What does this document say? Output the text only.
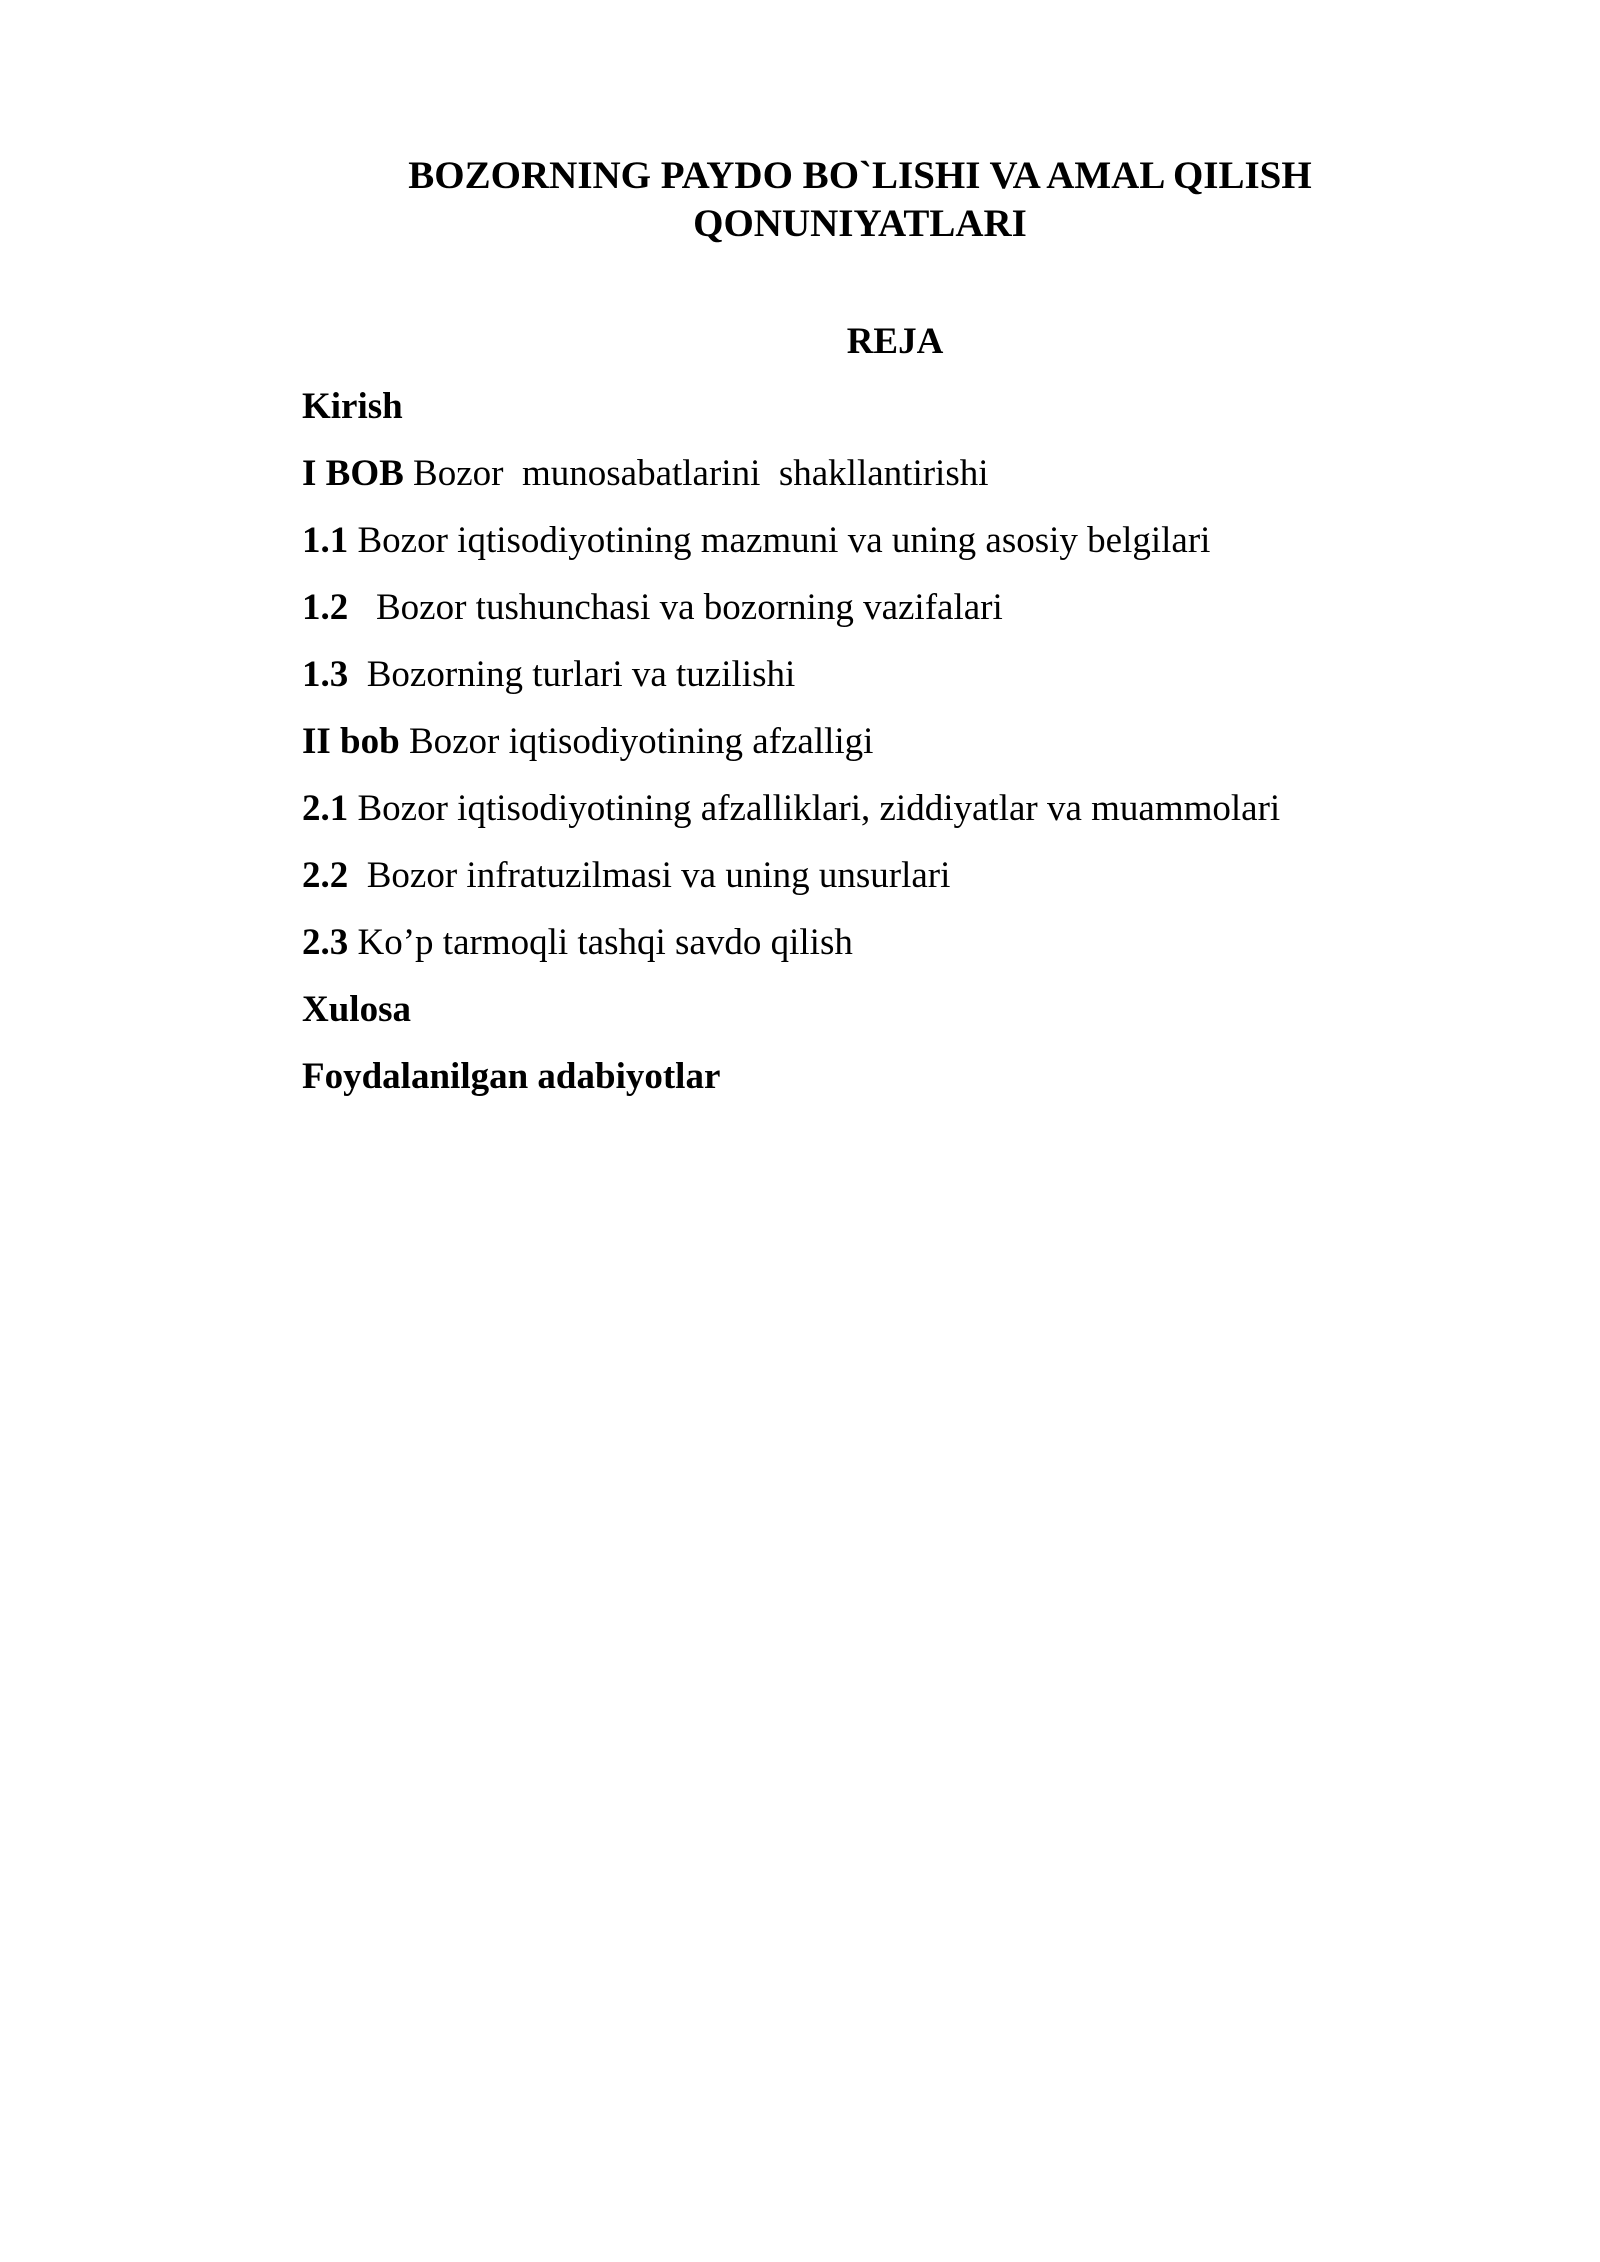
BOZORNING PAYDO BO`LISHI VA AMAL QILISH
QONUNIYATLARI
REJA
Kirish
I BOB Bozor  munosabatlarini  shakllantirishi
1.1 Bozor iqtisodiyotining mazmuni va uning asosiy belgilari
1.2   Bozor tushunchasi va bozorning vazifalari
1.3  Bozorning turlari va tuzilishi
II bob Bozor iqtisodiyotining afzalligi
2.1 Bozor iqtisodiyotining afzalliklari, ziddiyatlar va muammolari
2.2  Bozor infratuzilmasi va uning unsurlari
2.3 Ko’p tarmoqli tashqi savdo qilish
Xulosa
Foydalanilgan adabiyotlar
